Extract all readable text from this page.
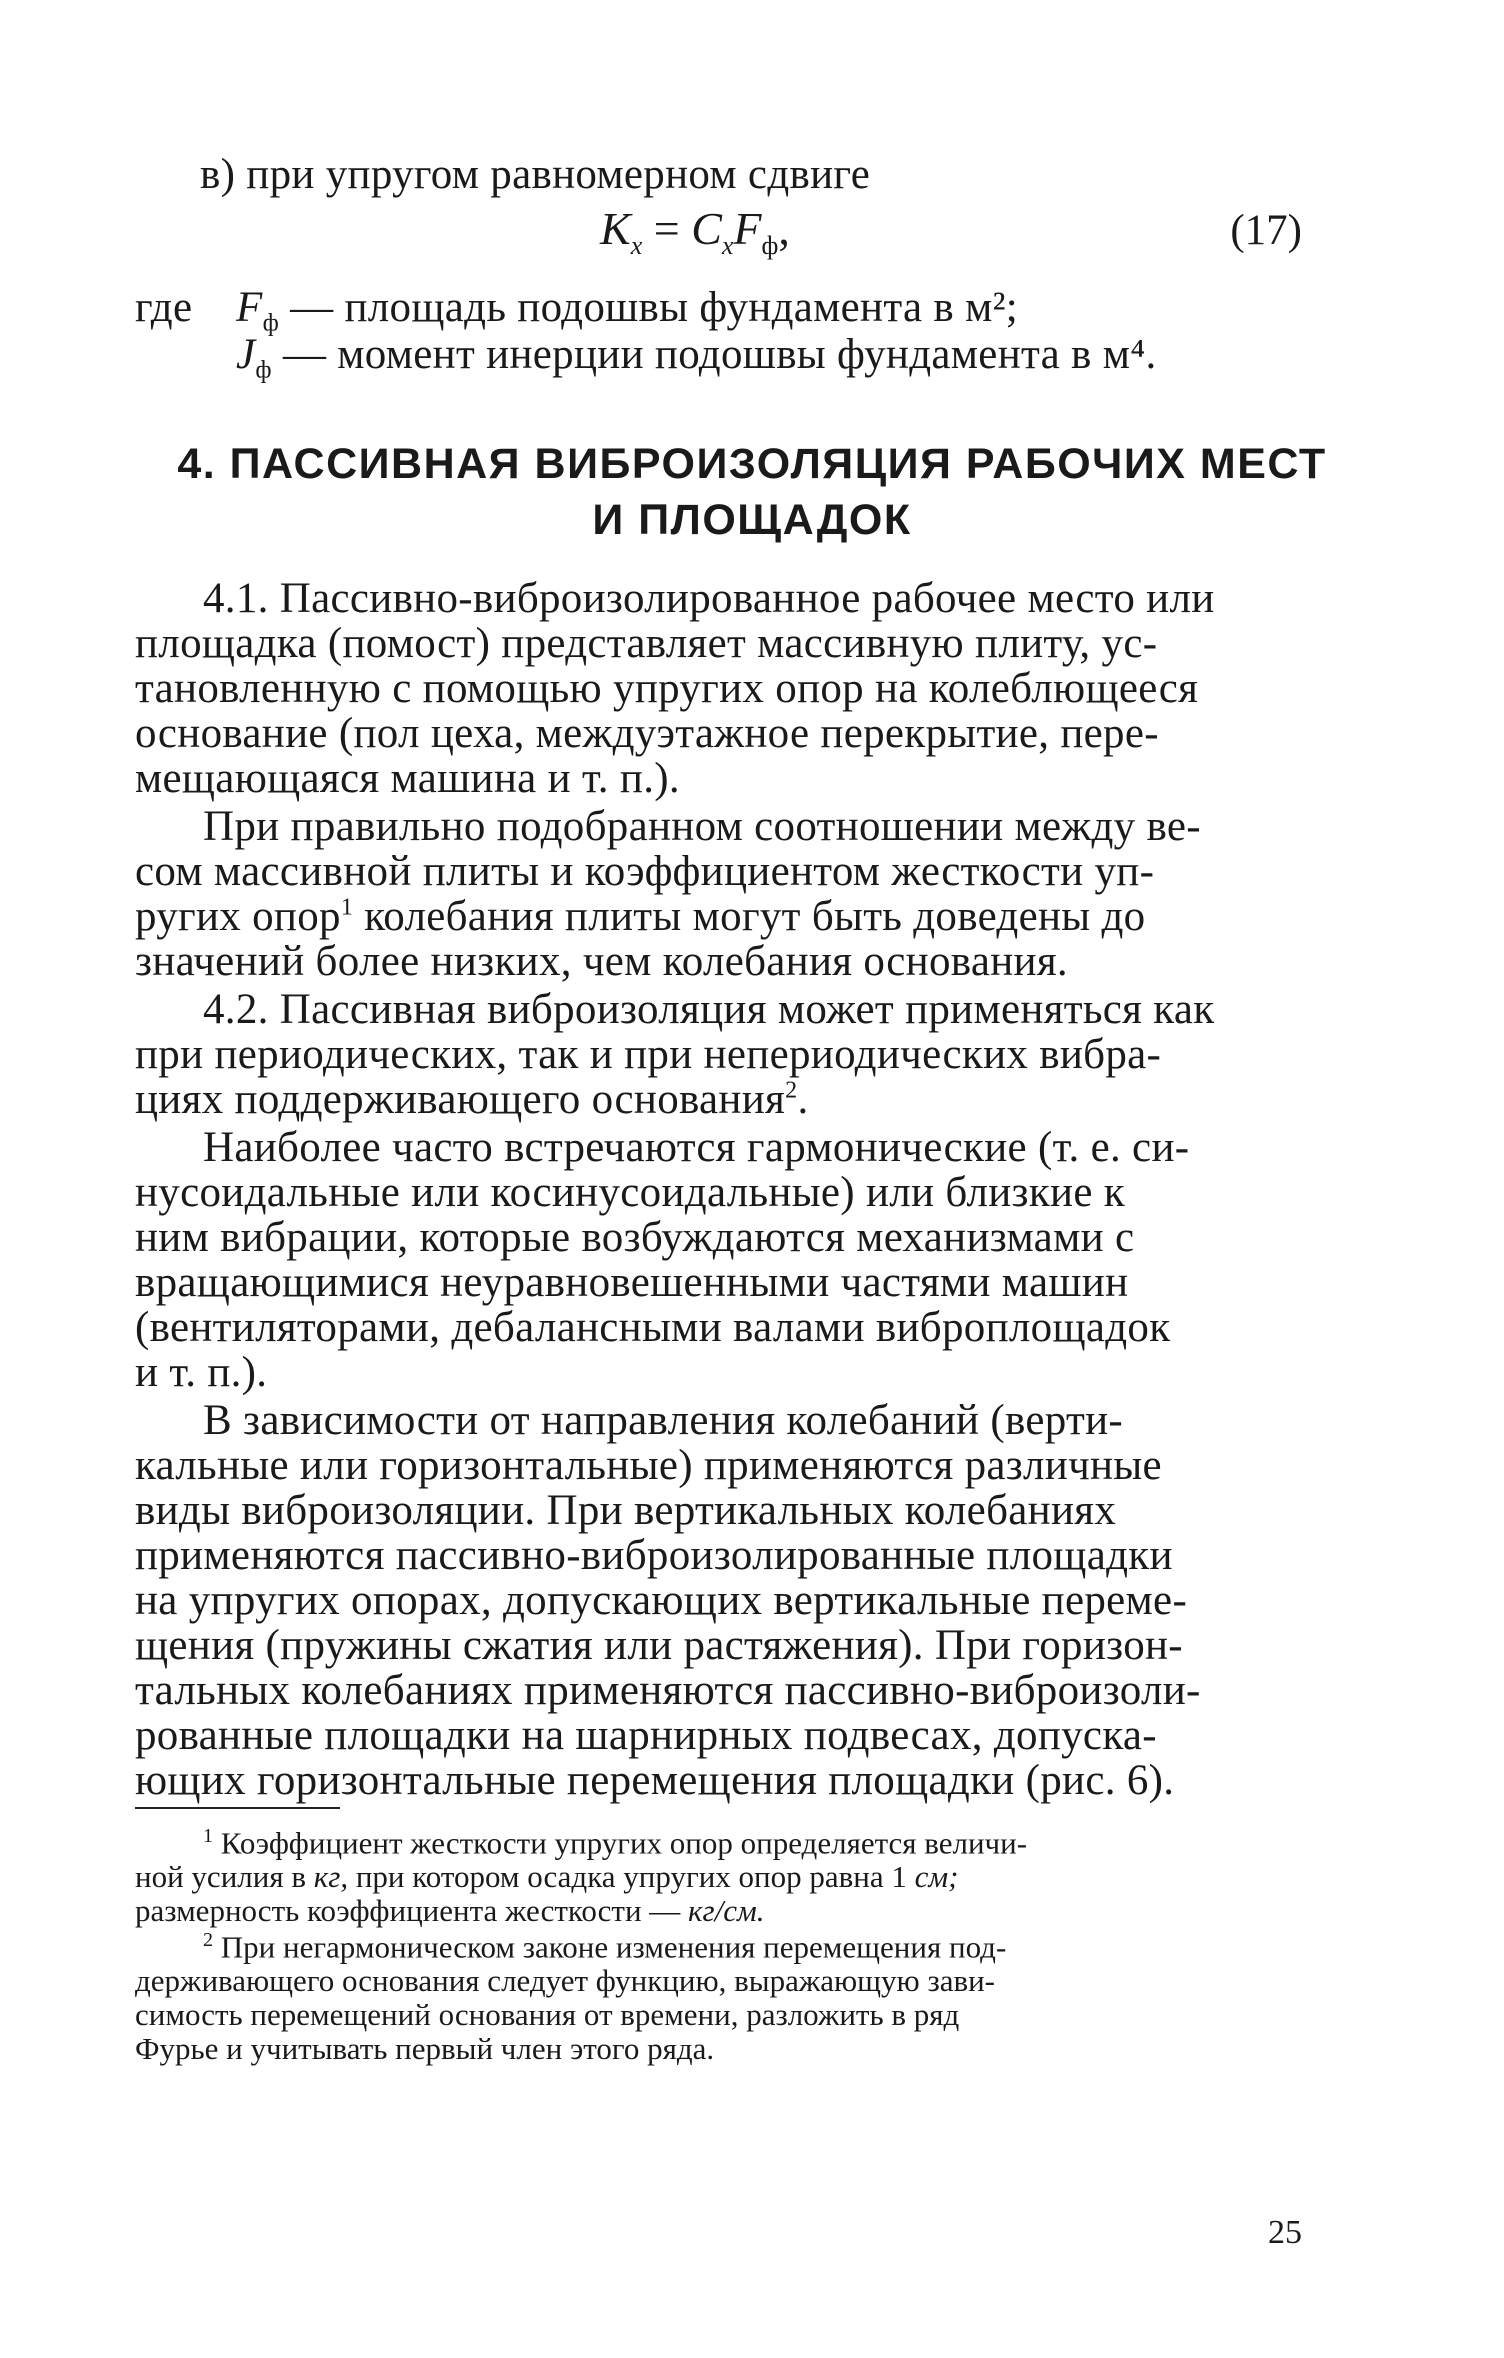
в) при упругом равномерном сдвиге
$K_x = C_xF_ф$,	(17)
где $F_ф$ — площадь подошвы фундамента в м²;
$J_ф$ — момент инерции подошвы фундамента в м⁴.
4. ПАССИВНАЯ ВИБРОИЗОЛЯЦИЯ РАБОЧИХ МЕСТ
И ПЛОЩАДОК
4.1. Пассивно-виброизолированное рабочее место или
площадка (помост) представляет массивную плиту, ус-
тановленную с помощью упругих опор на колеблющееся
основание (пол цеха, междуэтажное перекрытие, пере-
мещающаяся машина и т. п.).
При правильно подобранном соотношении между ве-
сом массивной плиты и коэффициентом жесткости уп-
ругих опор$^1$ колебания плиты могут быть доведены до
значений более низких, чем колебания основания.
4.2. Пассивная виброизоляция может применяться как
при периодических, так и при непериодических вибра-
циях поддерживающего основания$^2$.
Наиболее часто встречаются гармонические (т. е. си-
нусоидальные или косинусоидальные) или близкие к
ним вибрации, которые возбуждаются механизмами с
вращающимися неуравновешенными частями машин
(вентиляторами, дебалансными валами виброплощадок
и т. п.).
В зависимости от направления колебаний (верти-
кальные или горизонтальные) применяются различные
виды виброизоляции. При вертикальных колебаниях
применяются пассивно-виброизолированные площадки
на упругих опорах, допускающих вертикальные переме-
щения (пружины сжатия или растяжения). При горизон-
тальных колебаниях применяются пассивно-виброизоли-
рованные площадки на шарнирных подвесах, допуска-
ющих горизонтальные перемещения площадки (рис. 6).
$^1$ Коэффициент жесткости упругих опор определяется величи-
ной усилия в кг, при котором осадка упругих опор равна 1 см;
размерность коэффициента жесткости — кг/см.
$^2$ При негармоническом законе изменения перемещения под-
держивающего основания следует функцию, выражающую зави-
симость перемещений основания от времени, разложить в ряд
Фурье и учитывать первый член этого ряда.
25
